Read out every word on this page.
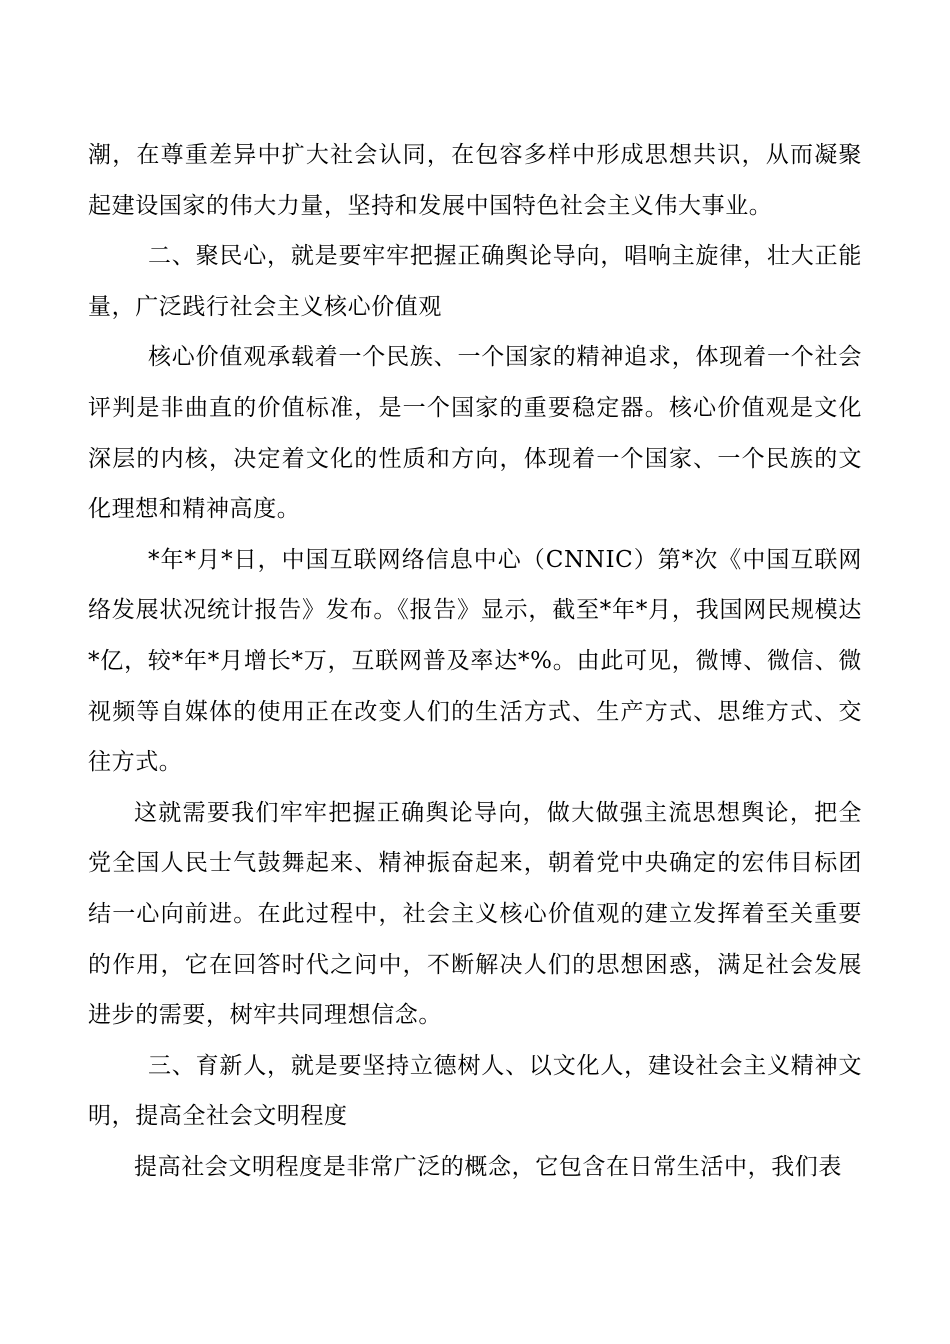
潮，在尊重差异中扩大社会认同，在包容多样中形成思想共识，从而凝聚起建设国家的伟大力量，坚持和发展中国特色社会主义伟大事业。

二、聚民心，就是要牢牢把握正确舆论导向，唱响主旋律，壮大正能量，广泛践行社会主义核心价值观

核心价值观承载着一个民族、一个国家的精神追求，体现着一个社会评判是非曲直的价值标准，是一个国家的重要稳定器。核心价值观是文化深层的内核，决定着文化的性质和方向，体现着一个国家、一个民族的文化理想和精神高度。

*年*月*日，中国互联网络信息中心（CNNIC）第*次《中国互联网络发展状况统计报告》发布。《报告》显示，截至*年*月，我国网民规模达*亿，较*年*月增长*万，互联网普及率达*%。由此可见，微博、微信、微视频等自媒体的使用正在改变人们的生活方式、生产方式、思维方式、交往方式。

这就需要我们牢牢把握正确舆论导向，做大做强主流思想舆论，把全党全国人民士气鼓舞起来、精神振奋起来，朝着党中央确定的宏伟目标团结一心向前进。在此过程中，社会主义核心价值观的建立发挥着至关重要的作用，它在回答时代之问中，不断解决人们的思想困惑，满足社会发展进步的需要，树牢共同理想信念。

三、育新人，就是要坚持立德树人、以文化人，建设社会主义精神文明，提高全社会文明程度

提高社会文明程度是非常广泛的概念，它包含在日常生活中，我们表
